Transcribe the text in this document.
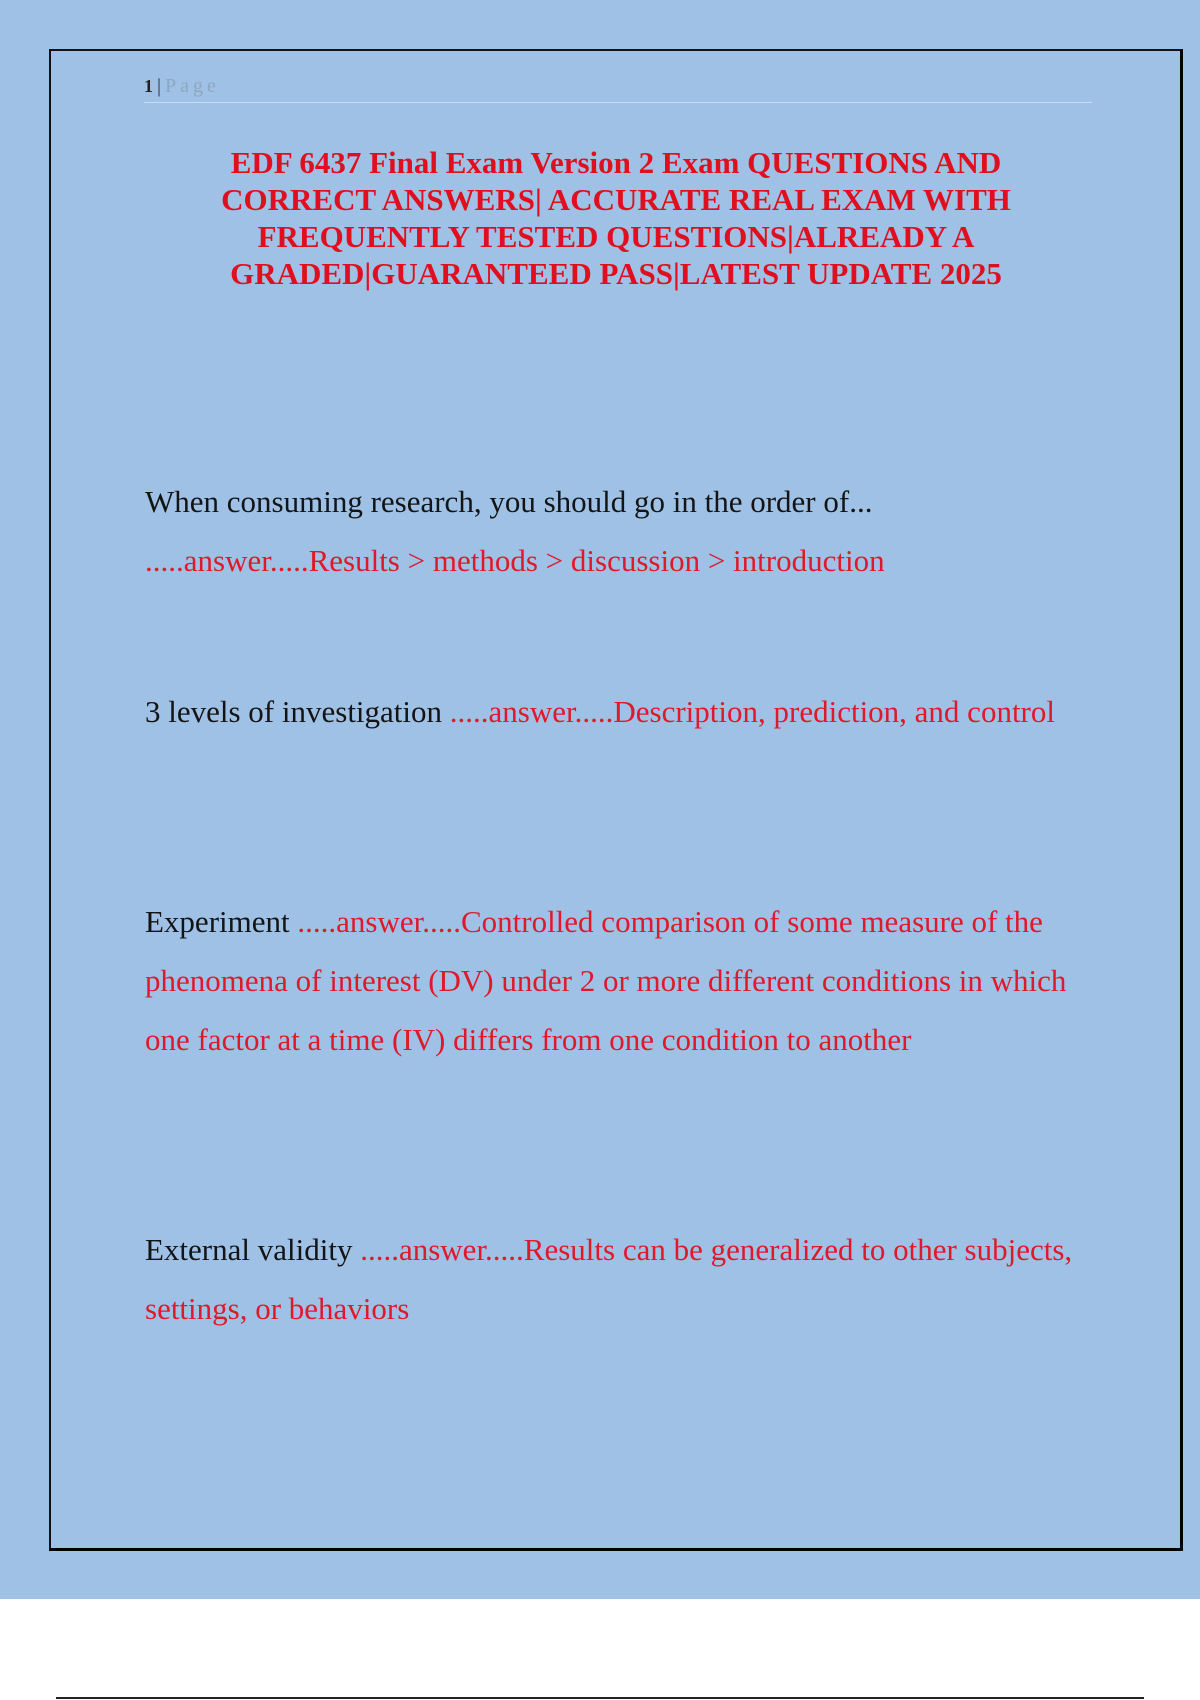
1 | Page
EDF 6437 Final Exam Version 2 Exam QUESTIONS AND CORRECT ANSWERS| ACCURATE REAL EXAM WITH FREQUENTLY TESTED QUESTIONS|ALREADY A GRADED|GUARANTEED PASS|LATEST UPDATE 2025

When consuming research, you should go in the order of...
.....answer.....Results > methods > discussion > introduction

3 levels of investigation .....answer.....Description, prediction, and control

Experiment .....answer.....Controlled comparison of some measure of the phenomena of interest (DV) under 2 or more different conditions in which one factor at a time (IV) differs from one condition to another

External validity .....answer.....Results can be generalized to other subjects, settings, or behaviors
